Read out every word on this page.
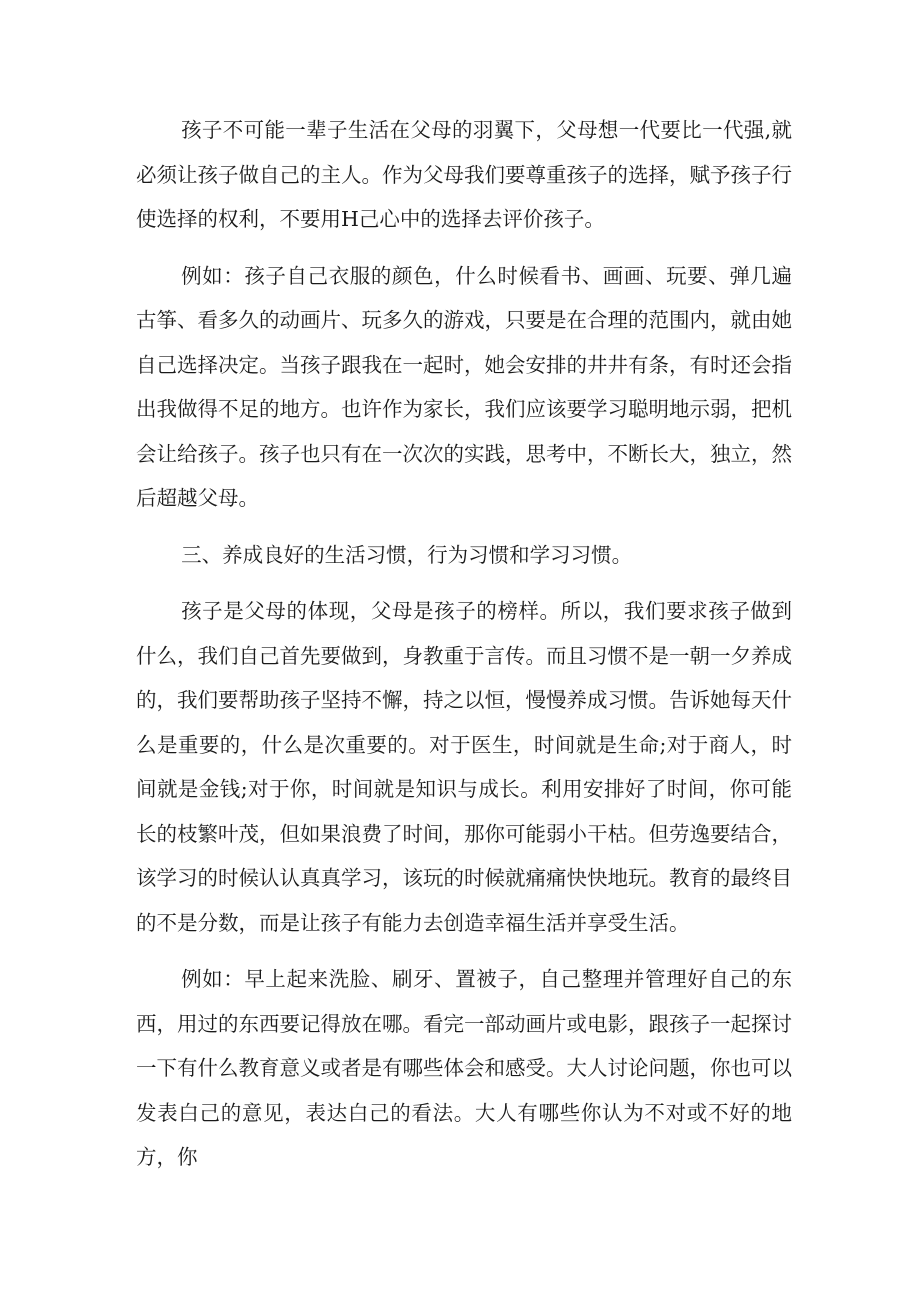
孩子不可能一辈子生活在父母的羽翼下，父母想一代要比一代强,就必须让孩子做自己的主人。作为父母我们要尊重孩子的选择，赋予孩子行使选择的权利，不要用H己心中的选择去评价孩子。

例如：孩子自己衣服的颜色，什么时候看书、画画、玩要、弹几遍古筝、看多久的动画片、玩多久的游戏，只要是在合理的范围内，就由她自己选择决定。当孩子跟我在一起时，她会安排的井井有条，有时还会指出我做得不足的地方。也许作为家长，我们应该要学习聪明地示弱，把机会让给孩子。孩子也只有在一次次的实践，思考中，不断长大，独立，然后超越父母。

三、养成良好的生活习惯，行为习惯和学习习惯。

孩子是父母的体现，父母是孩子的榜样。所以，我们要求孩子做到什么，我们自己首先要做到，身教重于言传。而且习惯不是一朝一夕养成的，我们要帮助孩子坚持不懈，持之以恒，慢慢养成习惯。告诉她每天什么是重要的，什么是次重要的。对于医生，时间就是生命;对于商人，时间就是金钱;对于你，时间就是知识与成长。利用安排好了时间，你可能长的枝繁叶茂，但如果浪费了时间，那你可能弱小干枯。但劳逸要结合，该学习的时候认认真真学习，该玩的时候就痛痛快快地玩。教育的最终目的不是分数，而是让孩子有能力去创造幸福生活并享受生活。

例如：早上起来洗脸、刷牙、置被子，自己整理并管理好自己的东西，用过的东西要记得放在哪。看完一部动画片或电影，跟孩子一起探讨一下有什么教育意义或者是有哪些体会和感受。大人讨论问题，你也可以发表白己的意见，表达白己的看法。大人有哪些你认为不对或不好的地方，你
